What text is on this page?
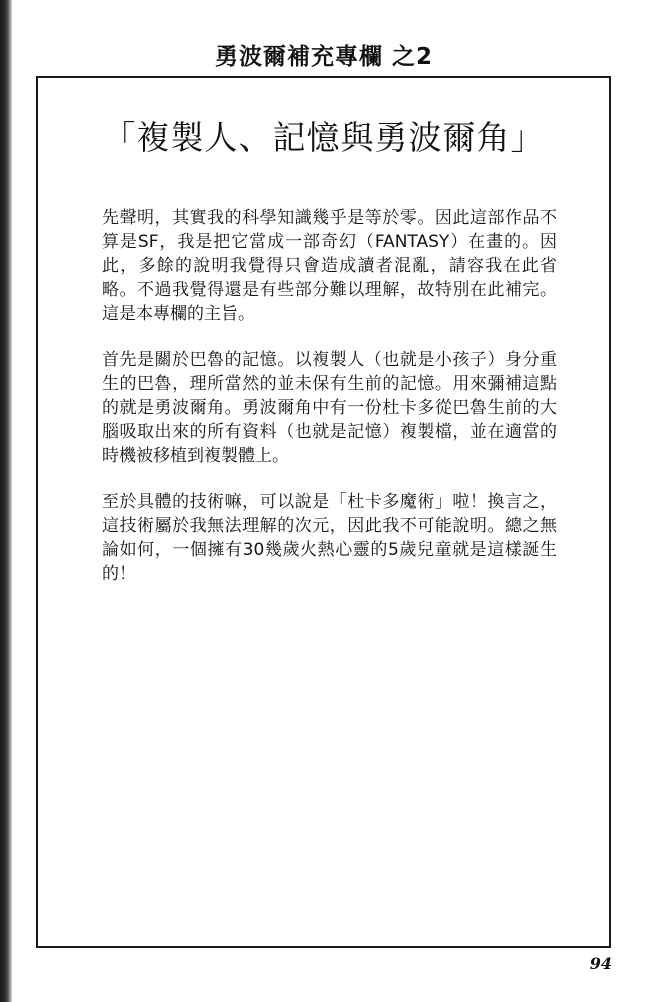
勇波爾補充專欄 之2
「複製人、記憶與勇波爾角」

先聲明，其實我的科學知識幾乎是等於零。因此這部作品不算是SF，我是把它當成一部奇幻（FANTASY）在畫的。因此，多餘的說明我覺得只會造成讀者混亂，請容我在此省略。不過我覺得還是有些部分難以理解，故特別在此補完。這是本專欄的主旨。

首先是關於巴魯的記憶。以複製人（也就是小孩子）身分重生的巴魯，理所當然的並未保有生前的記憶。用來彌補這點的就是勇波爾角。勇波爾角中有一份杜卡多從巴魯生前的大腦吸取出來的所有資料（也就是記憶）複製檔，並在適當的時機被移植到複製體上。

至於具體的技術嘛，可以說是「杜卡多魔術」啦！換言之，這技術屬於我無法理解的次元，因此我不可能說明。總之無論如何，一個擁有30幾歲火熱心靈的5歲兒童就是這樣誕生的！

94
